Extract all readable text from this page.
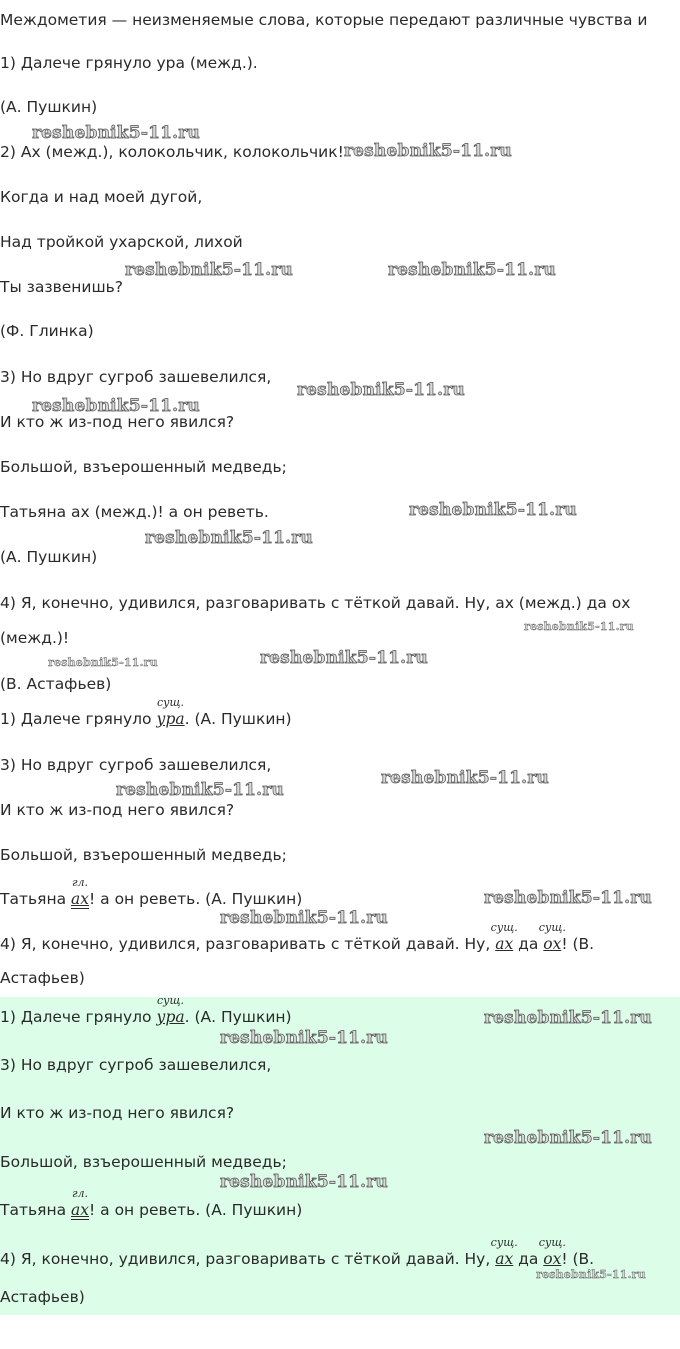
Междометия — неизменяемые слова, которые передают различные чувства и
1) Далече грянуло ура (межд.).
(А. Пушкин)
2) Ах (межд.), колокольчик, колокольчик!
Когда и над моей дугой,
Над тройкой ухарской, лихой
Ты зазвенишь?
(Ф. Глинка)
3) Но вдруг сугроб зашевелился,
И кто ж из-под него явился?
Большой, взъерошенный медведь;
Татьяна ах (межд.)! а он реветь.
(А. Пушкин)
4) Я, конечно, удивился, разговаривать с тёткой давай. Ну, ах (межд.) да ох
(межд.)!
(В. Астафьев)
1) Далече грянуло
сущ.
ура. (А. Пушкин)
3) Но вдруг сугроб зашевелился,
И кто ж из-под него явился?
Большой, взъерошенный медведь;
Татьяна
гл.
ах! а он реветь. (А. Пушкин)
4) Я, конечно, удивился, разговаривать с тёткой давай. Ну,
сущ.
ах да
сущ.
ох! (В.
Астафьев)
1) Далече грянуло
сущ.
ура. (А. Пушкин)
3) Но вдруг сугроб зашевелился,
И кто ж из-под него явился?
Большой, взъерошенный медведь;
Татьяна
гл.
ах! а он реветь. (А. Пушкин)
4) Я, конечно, удивился, разговаривать с тёткой давай. Ну,
сущ.
ах да
сущ.
ох! (В.
Астафьев)
reshebnik5-11.ru
reshebnik5-11.ru
reshebnik5-11.ru	reshebnik5-11.ru
reshebnik5-11.ru
reshebnik5-11.ru
reshebnik5-11.ru
reshebnik5-11.ru
reshebnik5-11.ru
reshebnik5-11.ru
reshebnik5-11.ru
reshebnik5-11.ru
reshebnik5-11.ru
reshebnik5-11.ru
reshebnik5-11.ru
reshebnik5-11.ru
reshebnik5-11.ru
reshebnik5-11.ru
reshebnik5-11.ru
reshebnik5-11.ru
